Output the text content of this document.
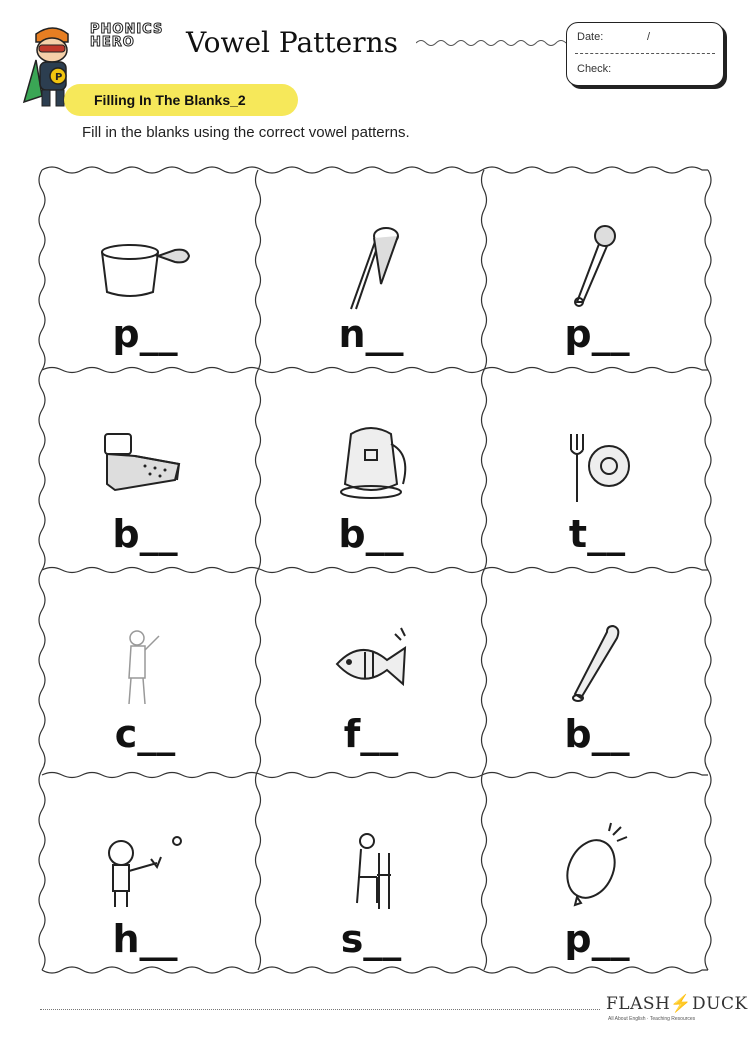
P
PHONICS
HERO	Vowel Patterns	Date:	/
Check:
Filling In The Blanks_2
Fill in the blanks using the correct vowel patterns.
p__	n__	p__
b__	b__	t__
c__	f__	b__
h__	s__	p__
FLASH⚡DUCK
All About English · Teaching Resources
